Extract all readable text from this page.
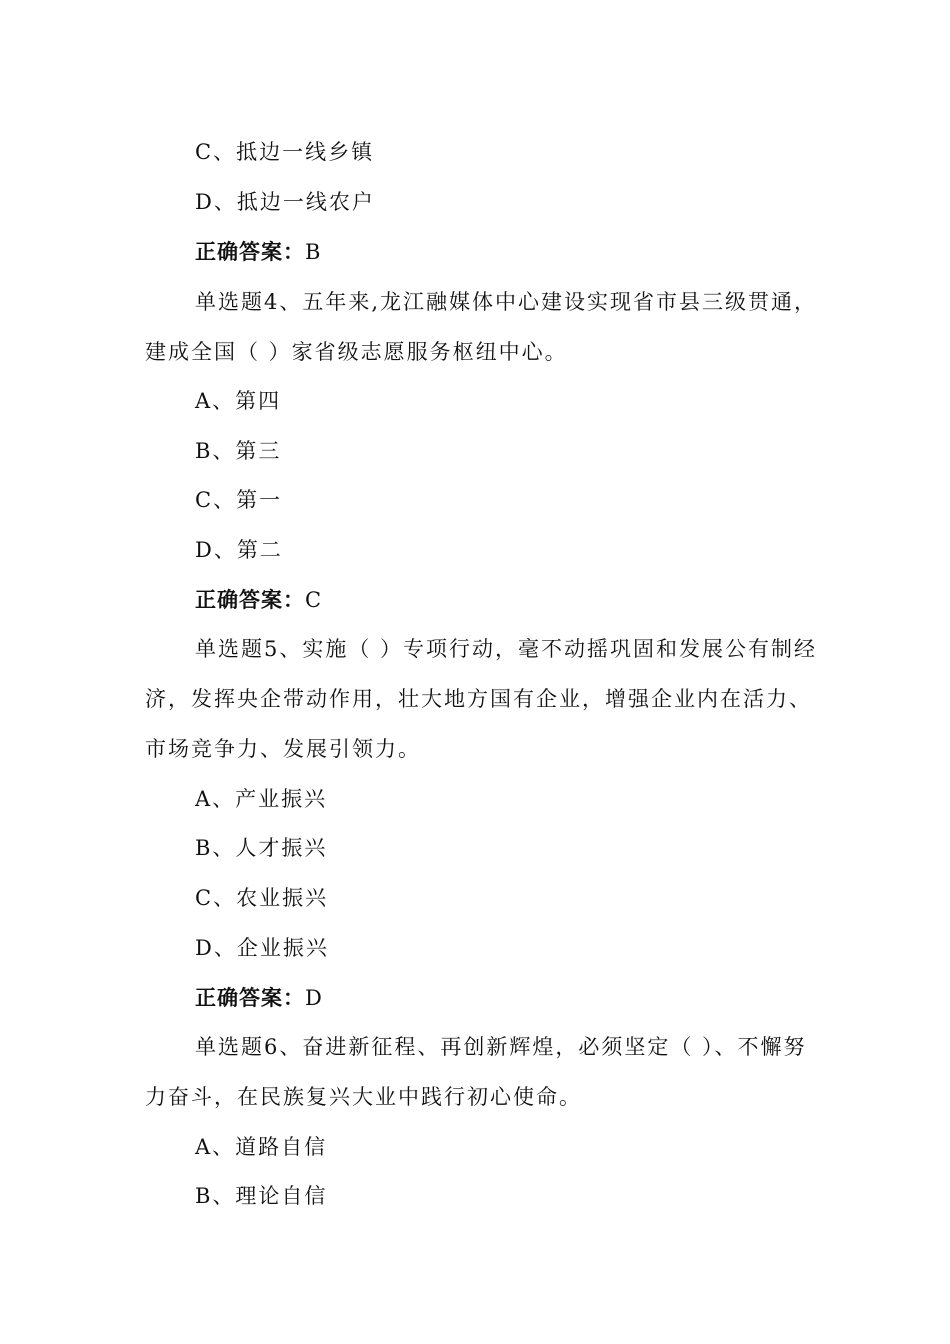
C、抵边一线乡镇
D、抵边一线农户
正确答案：B
单选题4、五年来,龙江融媒体中心建设实现省市县三级贯通，
建成全国（ ）家省级志愿服务枢纽中心。
A、第四
B、第三
C、第一
D、第二
正确答案：C
单选题5、实施（ ）专项行动，毫不动摇巩固和发展公有制经
济，发挥央企带动作用，壮大地方国有企业，增强企业内在活力、
市场竞争力、发展引领力。
A、产业振兴
B、人才振兴
C、农业振兴
D、企业振兴
正确答案：D
单选题6、奋进新征程、再创新辉煌，必须坚定（ ）、不懈努
力奋斗，在民族复兴大业中践行初心使命。
A、道路自信
B、理论自信
